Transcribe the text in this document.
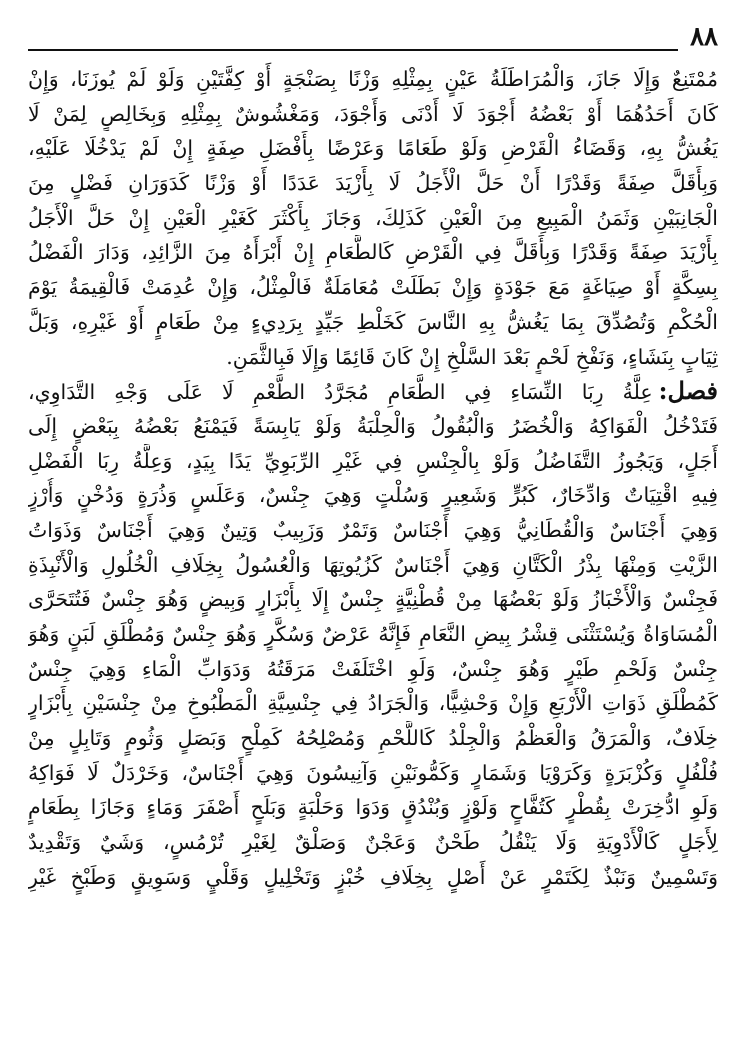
٨٨
مُمْتَنِعٌ وَإِلَا جَازَ، وَالْمُرَاطَلَةُ عَيْنٍ بِمِثْلِهِ وَزْنًا بِصَنْجَةٍ أَوْ كِفَّتَيْنِ وَلَوْ لَمْ يُوزَنَا، وَإِنْ
كَانَ أَحَدُهُمَا أَوْ بَعْضُهُ أَجْوَدَ لَا أَدْنَى وَأَجْوَدَ، وَمَغْشُوشٌ بِمِثْلِهِ وَبِخَالِصٍ لِمَنْ لَا
يَغُشُّ بِهِ، وَقَضَاءُ الْقَرْضِ وَلَوْ طَعَامًا وَعَرْضًا بِأَفْضَلِ صِفَةٍ إِنْ لَمْ يَدْخُلَا عَلَيْهِ،
وَبِأَقَلَّ صِفَةً وَقَدْرًا أَنْ حَلَّ الْأَجَلُ لَا بِأَزْيَدَ عَدَدًا أَوْ وَزْنًا كَدَوَرَانِ فَضْلٍ مِنَ
الْجَانِبَيْنِ وَثَمَنُ الْمَبِيعِ مِنَ الْعَيْنِ كَذَلِكَ، وَجَازَ بِأَكْثَرَ كَغَيْرِ الْعَيْنِ إِنْ حَلَّ الْأَجَلُ
بِأَزْيَدَ صِفَةً وَقَدْرًا وَبِأَقَلَّ فِي الْقَرْضِ كَالطَّعَامِ إِنْ أَبْرَأَهُ مِنَ الزَّائِدِ، وَدَارَ الْفَضْلُ
بِسِكَّةٍ أَوْ صِيَاغَةٍ مَعَ جَوْدَةٍ وَإِنْ بَطَلَتْ مُعَامَلَةٌ فَالْمِثْلُ، وَإِنْ عُدِمَتْ فَالْقِيمَةُ يَوْمَ
الْحُكْمِ وَتُصُدِّقَ بِمَا يَغُشُّ بِهِ النَّاسَ كَخَلْطِ جَيِّدٍ بِرَدِيءٍ مِنْ طَعَامٍ أَوْ غَيْرِهِ، وَبَلَّ
ثِيَابٍ بِنَشَاءٍ، وَنَفْخِ لَحْمٍ بَعْدَ السَّلْخِ إِنْ كَانَ قَائِمًا وَإِلَا فَبِالثَّمَنِ.
فصل:عِلَّةُ رِبَا النِّسَاءِ فِي الطَّعَامِ مُجَرَّدُ الطَّعْمِ لَا عَلَى وَجْهِ التَّدَاوِي،
فَتَدْخُلُ الْفَوَاكِهُ وَالْخُضَرُ وَالْبُقُولُ وَالْحِلْبَةُ وَلَوْ يَابِسَةً فَيَمْنَعُ بَعْضُهُ بِبَعْضٍ إِلَى
أَجَلٍ، وَيَجُوزُ التَّفَاضُلُ وَلَوْ بِالْجِنْسِ فِي غَيْرِ الرِّبَوِيِّ يَدًا بِيَدٍ، وَعِلَّةُ رِبَا الْفَضْلِ
فِيهِ اقْتِيَاتٌ وَادِّخَارٌ، كَبُرٍّ وَشَعِيرٍ وَسُلْتٍ وَهِيَ جِنْسٌ، وَعَلَسٍ وَذُرَةٍ وَدُخْنٍ وَأُرْزٍ
وَهِيَ أَجْنَاسٌ وَالْقُطَانِيُّ وَهِيَ أَجْنَاسٌ وَتَمْرٌ وَزَبِيبٌ وَتِينٌ وَهِيَ أَجْنَاسٌ وَذَوَاتُ
الزَّيْتِ وَمِنْهَا بِذْرُ الْكَتَّانِ وَهِيَ أَجْنَاسٌ كَزُيُوتِهَا وَالْعُسُولُ بِخِلَافِ الْخُلُولِ وَالْأَنْبِذَةِ
فَجِنْسٌ وَالْأَخْبَازُ وَلَوْ بَعْضُهَا مِنْ قُطْنِيَّةٍ جِنْسٌ إِلَا بِأَبْزَارٍ وَبِيضٍ وَهُوَ جِنْسٌ فَتُتَحَرَّى
الْمُسَاوَاةُ وَيُسْتَثْنَى قِشْرُ بِيضِ النَّعَامِ فَإِنَّهُ عَرْضٌ وَسُكَّرٍ وَهُوَ جِنْسٌ وَمُطْلَقِ لَبَنٍ وَهُوَ
جِنْسٌ وَلَحْمِ طَيْرٍ وَهُوَ جِنْسٌ، وَلَوِ اخْتَلَفَتْ مَرَقَتُهُ وَدَوَابِّ الْمَاءِ وَهِيَ جِنْسٌ
كَمُطْلَقِ ذَوَاتِ الْأَرْبَعِ وَإِنْ وَحْشِيًّا، وَالْجَرَادُ فِي جِنْسِيَّةِ الْمَطْبُوخِ مِنْ جِنْسَيْنِ بِأَبْزَارٍ
خِلَافٌ، وَالْمَرَقُ وَالْعَظْمُ وَالْجِلْدُ كَاللَّحْمِ وَمُصْلِحُهُ كَمِلْحٍ وَبَصَلٍ وَثُومٍ وَتَابِلٍ مِنْ
فُلْفُلٍ وَكُزْبَرَةٍ وَكَرَوْيَا وَشَمَارٍ وَكَمُّونَيْنِ وَآنِيسُونَ وَهِيَ أَجْنَاسٌ، وَخَرْدَلٌ لَا فَوَاكِهُ
وَلَوِ ادُّخِرَتْ بِقُطْرٍ كَتُفَّاحٍ وَلَوْزٍ وَبُنْدُقٍ وَدَوَا وَحَلْبَةٍ وَبَلَحٍ أَصْفَرَ وَمَاءٍ وَجَازَا بِطَعَامٍ
لِأَجَلٍ كَالْأَدْوِيَةِ وَلَا يَنْقُلُ طَحْنٌ وَعَجْنٌ وَصَلْقٌ لِغَيْرِ تُرْمُسٍ، وَشَيٌ وَتَقْدِيدٌ
وَتَسْمِينٌ وَنَبْذٌ لِكَتَمْرٍ عَنْ أَصْلٍ بِخِلَافِ خُبْزٍ وَتَخْلِيلٍ وَقَلْيٍ وَسَوِيقٍ وَطَبْخٍ غَيْرِ
